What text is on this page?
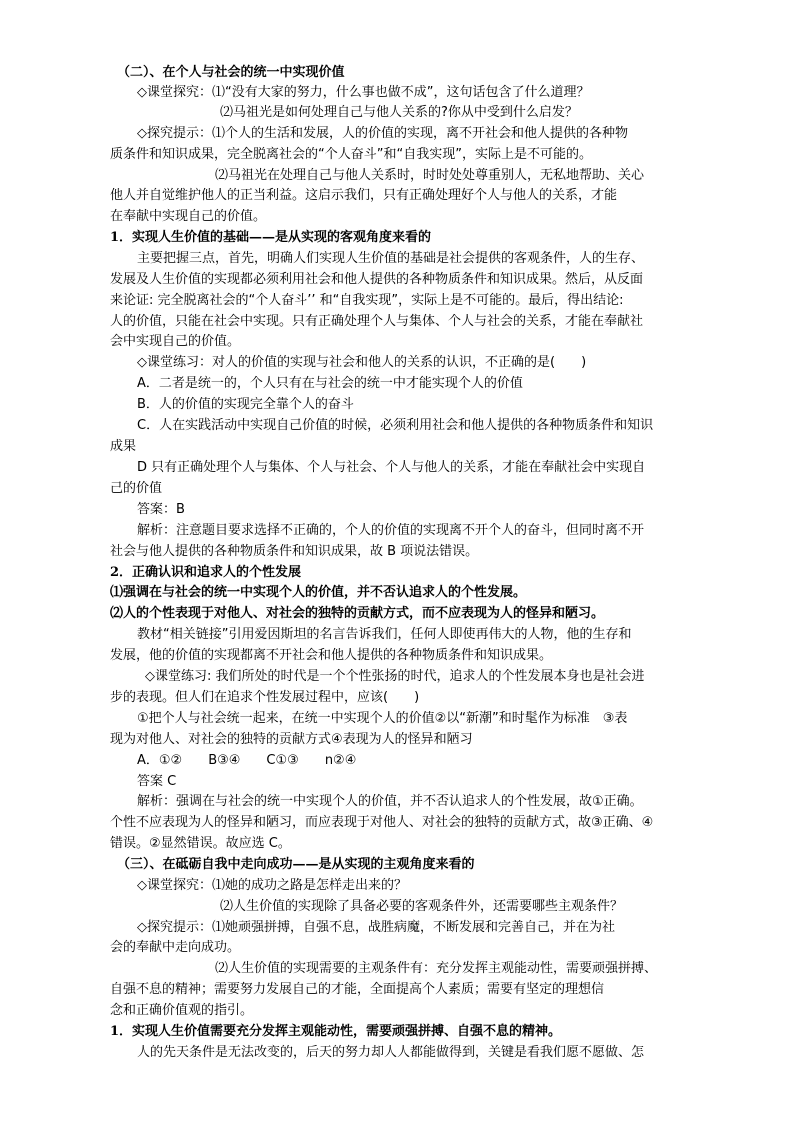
（二）、在个人与社会的统一中实现价值
◇课堂探究：⑴“没有大家的努力，什么事也做不成”，这句话包含了什么道理？
⑵马祖光是如何处理自己与他人关系的?你从中受到什么启发？
◇探究提示：⑴个人的生活和发展，人的价值的实现，离不开社会和他人提供的各种物
质条件和知识成果，完全脱离社会的“个人奋斗”和“自我实现”，实际上是不可能的。
⑵马祖光在处理自己与他人关系时，时时处处尊重别人，无私地帮助、关心
他人并自觉维护他人的正当利益。这启示我们，只有正确处理好个人与他人的关系，才能
在奉献中实现自己的价值。
1．实现人生价值的基础——是从实现的客观角度来看的
主要把握三点，首先，明确人们实现人生价值的基础是社会提供的客观条件，人的生存、
发展及人生价值的实现都必须利用社会和他人提供的各种物质条件和知识成果。然后，从反面
来论证: 完全脱离社会的“个人奋斗’’ 和“自我实现”，实际上是不可能的。最后，得出结论:
人的价值，只能在社会中实现。只有正确处理个人与集体、个人与社会的关系，才能在奉献社
会中实现自己的价值。
◇课堂练习：对人的价值的实现与社会和他人的关系的认识，不正确的是(　　)
A．二者是统一的，个人只有在与社会的统一中才能实现个人的价值
B．人的价值的实现完全靠个人的奋斗
C．人在实践活动中实现自己价值的时候，必须利用社会和他人提供的各种物质条件和知识
成果
D 只有正确处理个人与集体、个人与社会、个人与他人的关系，才能在奉献社会中实现自
己的价值
答案：B
解析：注意题目要求选择不正确的，个人的价值的实现离不开个人的奋斗，但同时离不开
社会与他人提供的各种物质条件和知识成果，故 B 项说法错误。
2．正确认识和追求人的个性发展
⑴强调在与社会的统一中实现个人的价值，并不否认追求人的个性发展。
⑵人的个性表现于对他人、对社会的独特的贡献方式，而不应表现为人的怪异和陋习。
教材“相关链接”引用爱因斯坦的名言告诉我们，任何人即使再伟大的人物，他的生存和
发展，他的价值的实现都离不开社会和他人提供的各种物质条件和知识成果。
◇课堂练习: 我们所处的时代是一个个性张扬的时代，追求人的个性发展本身也是社会进
步的表现。但人们在追求个性发展过程中，应该(　　)
①把个人与社会统一起来，在统一中实现个人的价值②以“新潮”和时髦作为标准　③表
现为对他人、对社会的独特的贡献方式④表现为人的怪异和陋习
A．①②　　B③④　　C①③　　n②④
答案 C
解析：强调在与社会的统一中实现个人的价值，并不否认追求人的个性发展，故①正确。
个性不应表现为人的怪异和陋习，而应表现于对他人、对社会的独特的贡献方式，故③正确、④
错误。②显然错误。故应选 C。
（三）、在砥砺自我中走向成功——是从实现的主观角度来看的
◇课堂探究：⑴她的成功之路是怎样走出来的？
⑵人生价值的实现除了具备必要的客观条件外，还需要哪些主观条件？
◇探究提示：⑴她顽强拼搏，自强不息，战胜病魔，不断发展和完善自己，并在为社
会的奉献中走向成功。
⑵人生价值的实现需要的主观条件有：充分发挥主观能动性，需要顽强拼搏、
自强不息的精神；需要努力发展自己的才能，全面提高个人素质；需要有坚定的理想信
念和正确价值观的指引。
1．实现人生价值需要充分发挥主观能动性，需要顽强拼搏、自强不息的精神。
人的先天条件是无法改变的，后天的努力却人人都能做得到，关键是看我们愿不愿做、怎
